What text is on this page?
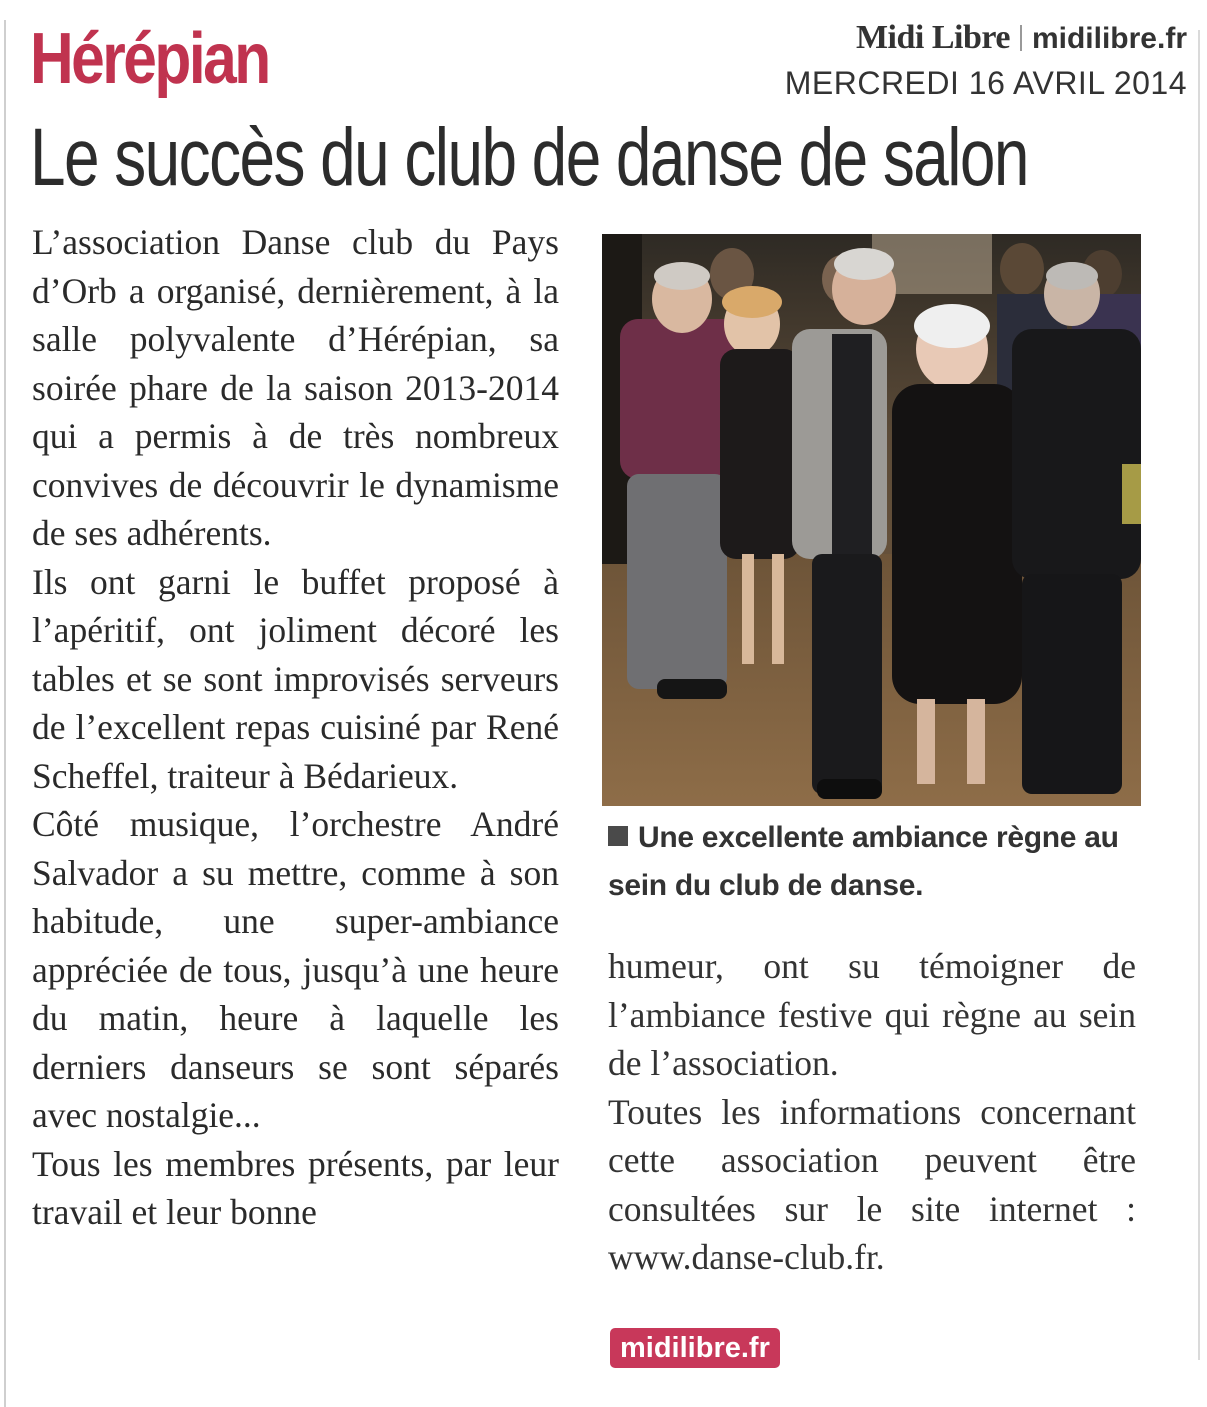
Hérépian	Midi Libre midilibre.fr
MERCREDI 16 AVRIL 2014
Le succès du club de danse de salon

L’association Danse club du Pays d’Orb a organisé, dernièrement, à la salle polyvalente d’Hérépian, sa soirée phare de la saison 2013-2014 qui a permis à de très nombreux convives de découvrir le dynamisme de ses adhérents.

Ils ont garni le buffet proposé à l’apéritif, ont joliment décoré les tables et se sont improvisés serveurs de l’excellent repas cuisiné par René Scheffel, traiteur à Bédarieux.

Côté musique, l’orchestre André Salvador a su mettre, comme à son habitude, une super-ambiance appréciée de tous, jusqu’à une heure du matin, heure à laquelle les derniers danseurs se sont séparés avec nostalgie...

Tous les membres présents, par leur travail et leur bonne

Une excellente ambiance règne au sein du club de danse.

humeur, ont su témoigner de l’ambiance festive qui règne au sein de l’association.

Toutes les informations concernant cette association peuvent être consultées sur le site internet : www.danse-club.fr.

midilibre.fr
